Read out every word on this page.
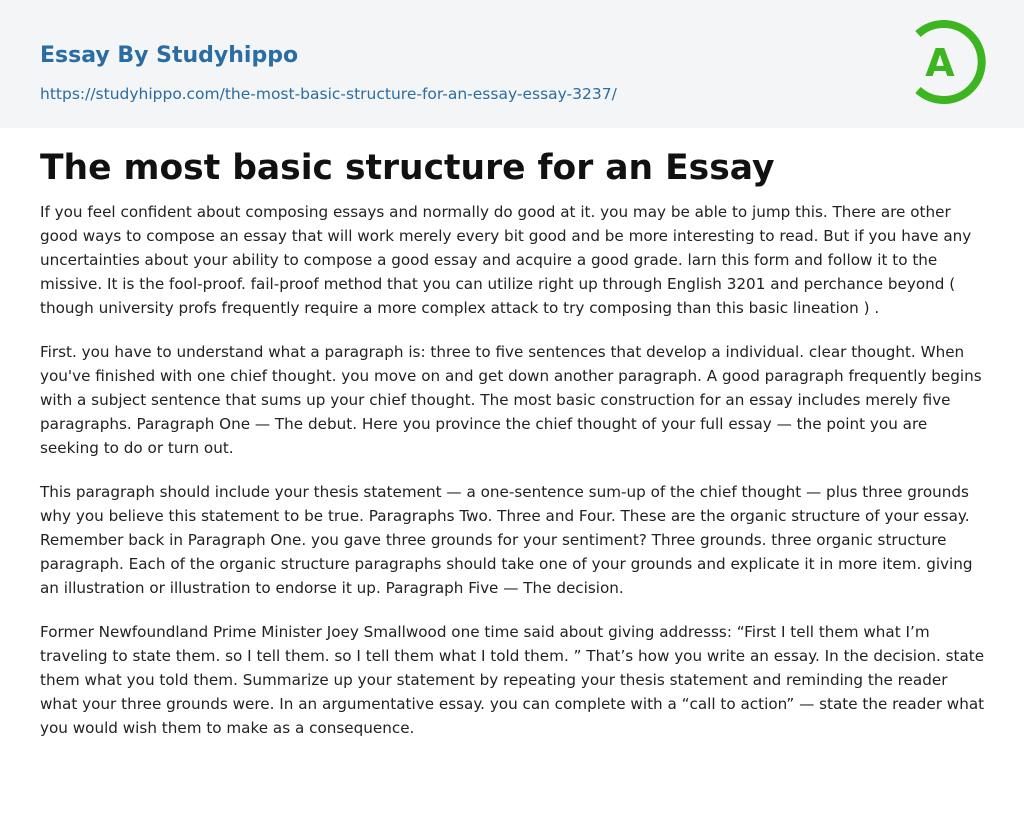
Essay By Studyhippo
https://studyhippo.com/the-most-basic-structure-for-an-essay-essay-3237/
A
The most basic structure for an Essay

If you feel confident about composing essays and normally do good at it. you may be able to jump this. There are other good ways to compose an essay that will work merely every bit good and be more interesting to read. But if you have any uncertainties about your ability to compose a good essay and acquire a good grade. larn this form and follow it to the missive. It is the fool-proof. fail-proof method that you can utilize right up through English 3201 and perchance beyond ( though university profs frequently require a more complex attack to try composing than this basic lineation ) .

First. you have to understand what a paragraph is: three to five sentences that develop a individual. clear thought. When you've finished with one chief thought. you move on and get down another paragraph. A good paragraph frequently begins with a subject sentence that sums up your chief thought. The most basic construction for an essay includes merely five paragraphs. Paragraph One — The debut. Here you province the chief thought of your full essay — the point you are seeking to do or turn out.

This paragraph should include your thesis statement — a one-sentence sum-up of the chief thought — plus three grounds why you believe this statement to be true. Paragraphs Two. Three and Four. These are the organic structure of your essay. Remember back in Paragraph One. you gave three grounds for your sentiment? Three grounds. three organic structure paragraph. Each of the organic structure paragraphs should take one of your grounds and explicate it in more item. giving an illustration or illustration to endorse it up. Paragraph Five — The decision.

Former Newfoundland Prime Minister Joey Smallwood one time said about giving addresss: “First I tell them what I’m traveling to state them. so I tell them. so I tell them what I told them. ” That’s how you write an essay. In the decision. state them what you told them. Summarize up your statement by repeating your thesis statement and reminding the reader what your three grounds were. In an argumentative essay. you can complete with a “call to action” — state the reader what you would wish them to make as a consequence.
